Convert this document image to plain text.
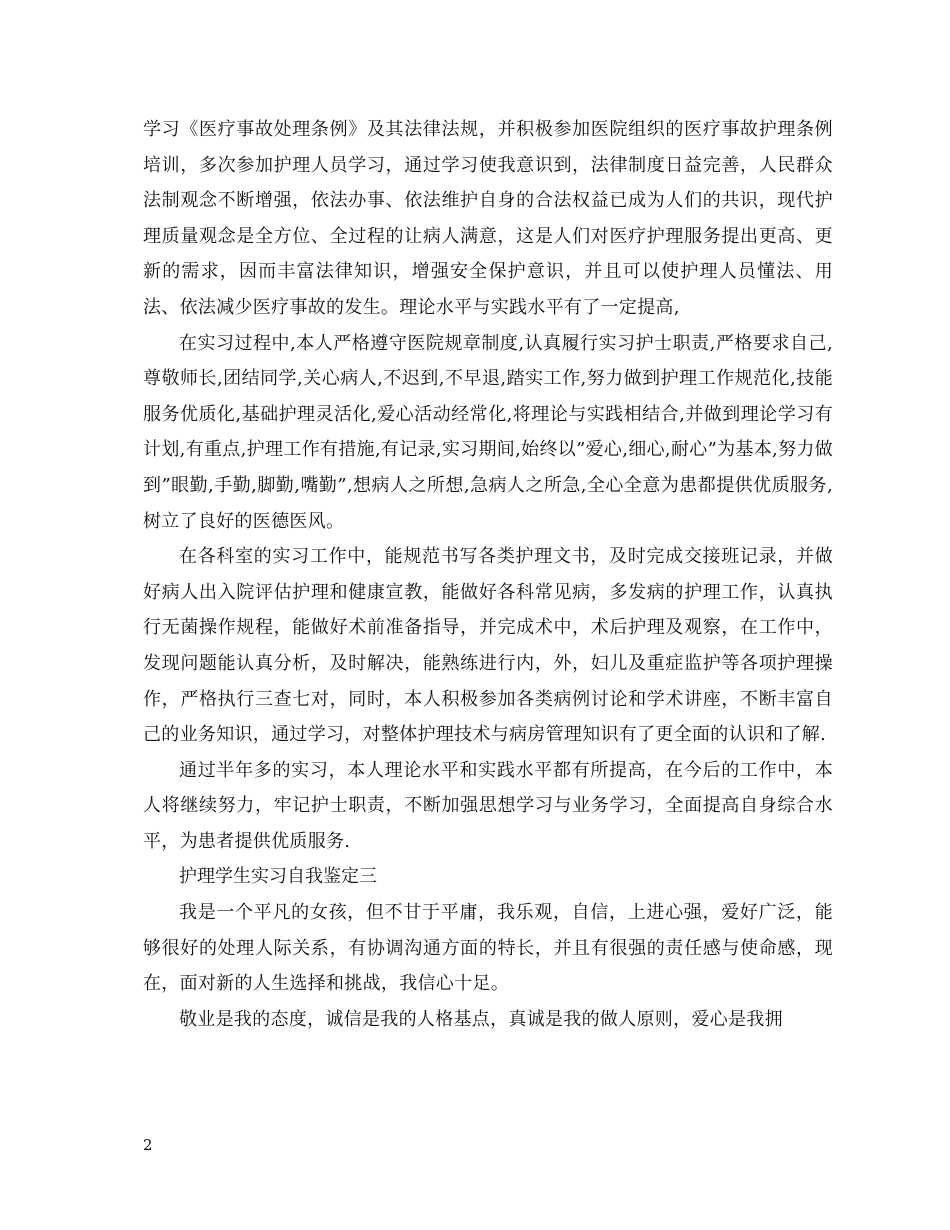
学习《医疗事故处理条例》及其法律法规，并积极参加医院组织的医疗事故护理条例培训，多次参加护理人员学习，通过学习使我意识到，法律制度日益完善，人民群众法制观念不断增强，依法办事、依法维护自身的合法权益已成为人们的共识，现代护理质量观念是全方位、全过程的让病人满意，这是人们对医疗护理服务提出更高、更新的需求，因而丰富法律知识，增强安全保护意识，并且可以使护理人员懂法、用法、依法减少医疗事故的发生。理论水平与实践水平有了一定提高,

在实习过程中,本人严格遵守医院规章制度,认真履行实习护士职责,严格要求自己,尊敬师长,团结同学,关心病人,不迟到,不早退,踏实工作,努力做到护理工作规范化,技能服务优质化,基础护理灵活化,爱心活动经常化,将理论与实践相结合,并做到理论学习有计划,有重点,护理工作有措施,有记录,实习期间,始终以”爱心,细心,耐心”为基本,努力做到”眼勤,手勤,脚勤,嘴勤”,想病人之所想,急病人之所急,全心全意为患都提供优质服务,树立了良好的医德医风。

在各科室的实习工作中，能规范书写各类护理文书，及时完成交接班记录，并做好病人出入院评估护理和健康宣教，能做好各科常见病，多发病的护理工作，认真执行无菌操作规程，能做好术前准备指导，并完成术中，术后护理及观察，在工作中，发现问题能认真分析，及时解决，能熟练进行内，外，妇儿及重症监护等各项护理操作，严格执行三查七对，同时，本人积极参加各类病例讨论和学术讲座，不断丰富自己的业务知识，通过学习，对整体护理技术与病房管理知识有了更全面的认识和了解.

通过半年多的实习，本人理论水平和实践水平都有所提高，在今后的工作中，本人将继续努力，牢记护士职责，不断加强思想学习与业务学习，全面提高自身综合水平，为患者提供优质服务.

护理学生实习自我鉴定三

我是一个平凡的女孩，但不甘于平庸，我乐观，自信，上进心强，爱好广泛，能够很好的处理人际关系，有协调沟通方面的特长，并且有很强的责任感与使命感，现在，面对新的人生选择和挑战，我信心十足。

敬业是我的态度，诚信是我的人格基点，真诚是我的做人原则，爱心是我拥

2
